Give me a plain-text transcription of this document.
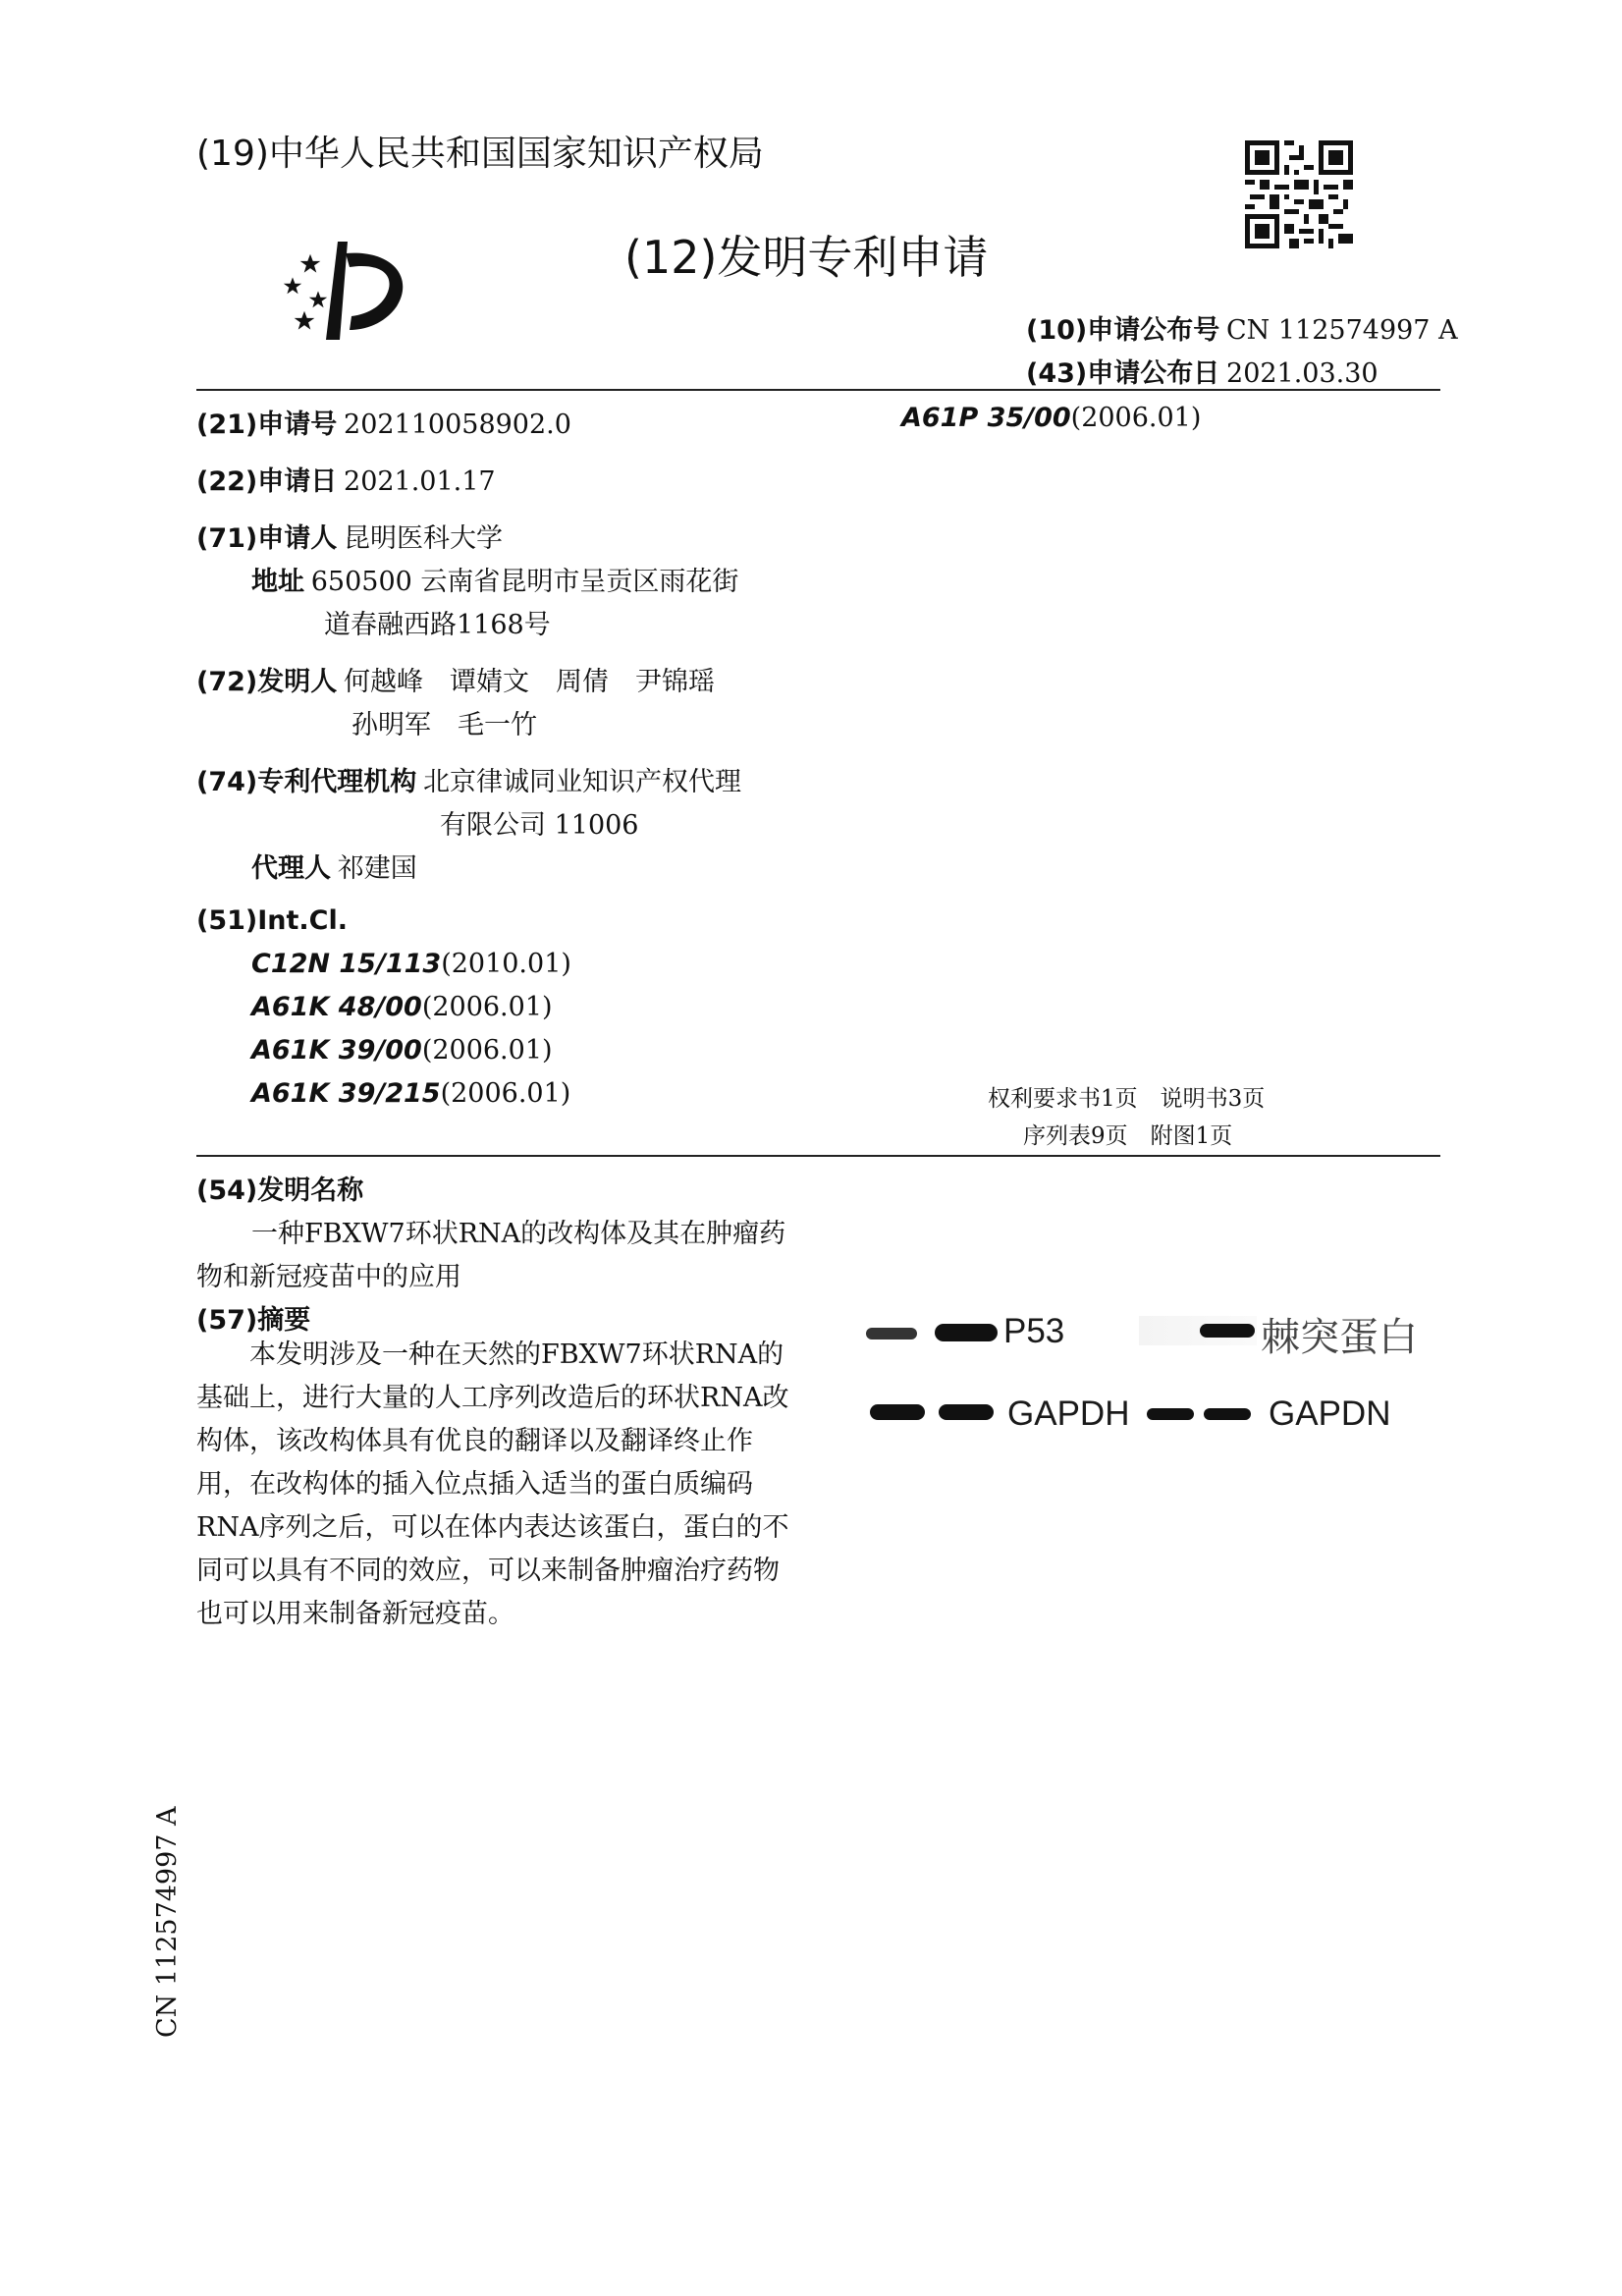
(19)中华人民共和国国家知识产权局
(12)发明专利申请
(10)申请公布号 CN 112574997 A
(43)申请公布日 2021.03.30
(21)申请号 202110058902.0	A61P 35/00(2006.01)
(22)申请日 2021.01.17
(71)申请人 昆明医科大学
地址 650500 云南省昆明市呈贡区雨花街
道春融西路1168号
(72)发明人 何越峰　谭婧文　周倩　尹锦瑶
孙明军　毛一竹
(74)专利代理机构 北京律诚同业知识产权代理
有限公司 11006
代理人 祁建国
(51)Int.Cl.
C12N 15/113(2010.01)
A61K 48/00(2006.01)
A61K 39/00(2006.01)
A61K 39/215(2006.01)	权利要求书1页　说明书3页
序列表9页　附图1页
(54)发明名称
一种FBXW7环状RNA的改构体及其在肿瘤药
物和新冠疫苗中的应用
(57)摘要
本发明涉及一种在天然的FBXW7环状RNA的基础上，进行大量的人工序列改造后的环状RNA改构体，该改构体具有优良的翻译以及翻译终止作用，在改构体的插入位点插入适当的蛋白质编码RNA序列之后，可以在体内表达该蛋白，蛋白的不同可以具有不同的效应，可以来制备肿瘤治疗药物也可以用来制备新冠疫苗。
P53	棘突蛋白
GAPDH	GAPDN
CN 112574997 A
